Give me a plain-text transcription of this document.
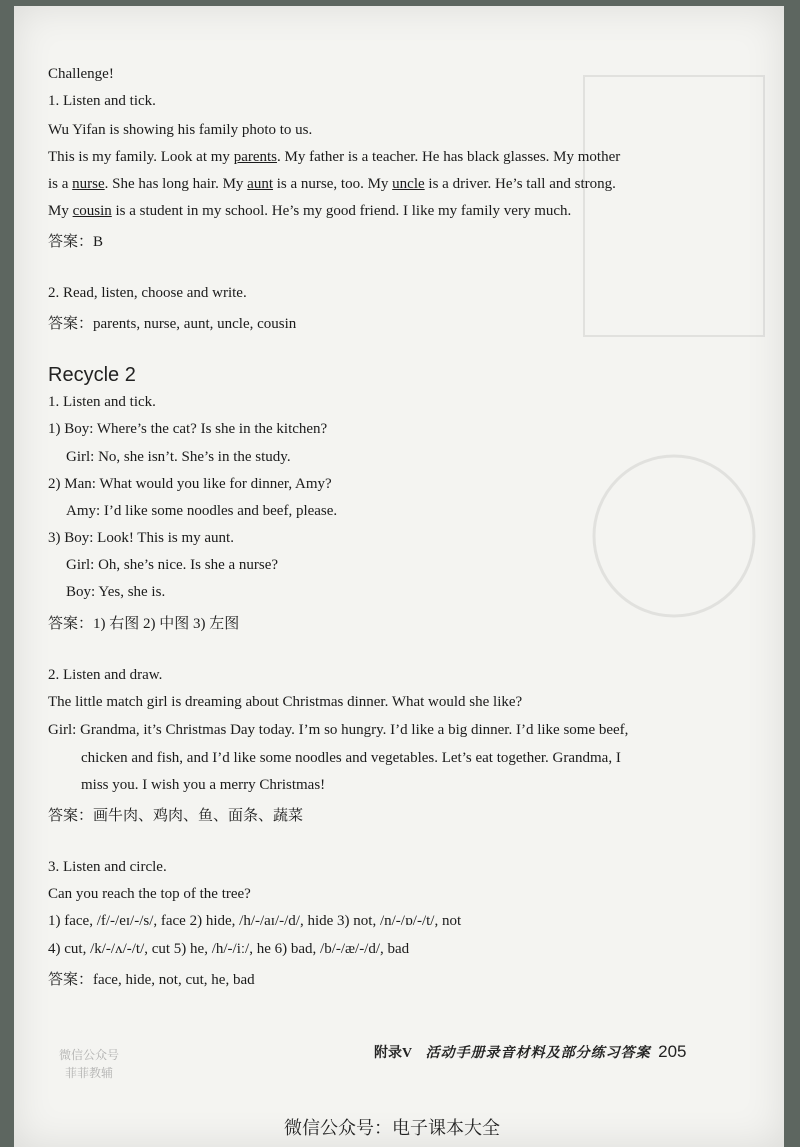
Challenge!
1. Listen and tick.
Wu Yifan is showing his family photo to us.
This is my family. Look at my parents. My father is a teacher. He has black glasses. My mother
is a nurse. She has long hair. My aunt is a nurse, too. My uncle is a driver. He’s tall and strong.
My cousin is a student in my school. He’s my good friend. I like my family very much.
答案：B
2. Read, listen, choose and write.
答案：parents, nurse, aunt, uncle, cousin
Recycle 2
1. Listen and tick.
1) Boy: Where’s the cat? Is she in the kitchen?
Girl: No, she isn’t. She’s in the study.
2) Man: What would you like for dinner, Amy?
Amy: I’d like some noodles and beef, please.
3) Boy: Look! This is my aunt.
Girl: Oh, she’s nice. Is she a nurse?
Boy: Yes, she is.
答案：1) 右图 2) 中图 3) 左图
2. Listen and draw.
The little match girl is dreaming about Christmas dinner. What would she like?
Girl: Grandma, it’s Christmas Day today. I’m so hungry. I’d like a big dinner. I’d like some beef,
chicken and fish, and I’d like some noodles and vegetables. Let’s eat together. Grandma, I
miss you. I wish you a merry Christmas!
答案：画牛肉、鸡肉、鱼、面条、蔬菜
3. Listen and circle.
Can you reach the top of the tree?
1) face, /f/-/eɪ/-/s/, face 2) hide, /h/-/aɪ/-/d/, hide 3) not, /n/-/ɒ/-/t/, not
4) cut, /k/-/ʌ/-/t/, cut 5) he, /h/-/iː/, he 6) bad, /b/-/æ/-/d/, bad
答案：face, hide, not, cut, he, bad
附录V 活动手册录音材料及部分练习答案 205
微信公众号
菲菲教辅
微信公众号：电子课本大全
